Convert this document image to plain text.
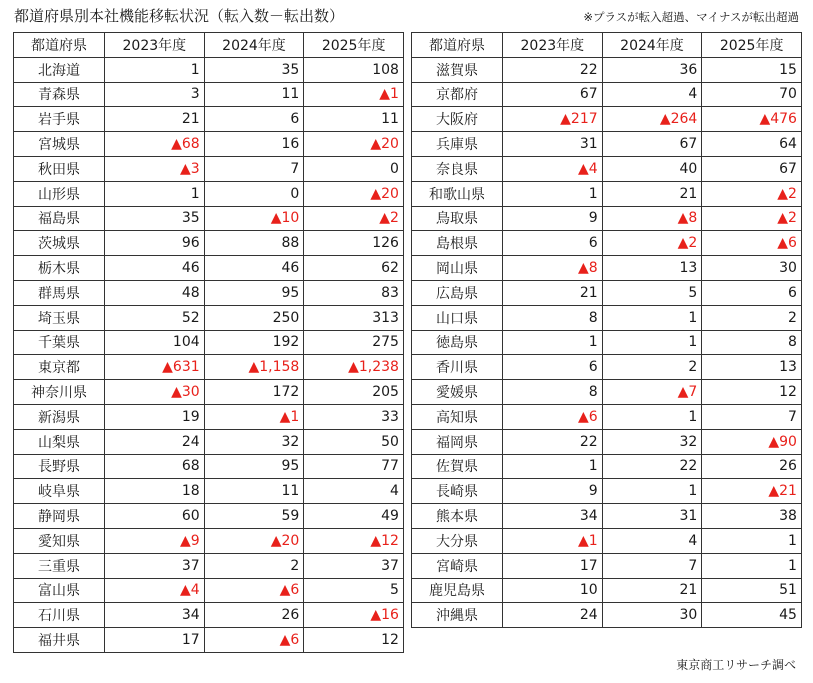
都道府県別本社機能移転状況（転入数－転出数）	※プラスが転入超過、マイナスが転出超過
都道府県	2023年度	2024年度	2025年度
北海道	1	35	108
青森県	3	11	▲1
岩手県	21	6	11
宮城県	▲68	16	▲20
秋田県	▲3	7	0
山形県	1	0	▲20
福島県	35	▲10	▲2
茨城県	96	88	126
栃木県	46	46	62
群馬県	48	95	83
埼玉県	52	250	313
千葉県	104	192	275
東京都	▲631	▲1,158	▲1,238
神奈川県	▲30	172	205
新潟県	19	▲1	33
山梨県	24	32	50
長野県	68	95	77
岐阜県	18	11	4
静岡県	60	59	49
愛知県	▲9	▲20	▲12
三重県	37	2	37
富山県	▲4	▲6	5
石川県	34	26	▲16
福井県	17	▲6	12
都道府県	2023年度	2024年度	2025年度
滋賀県	22	36	15
京都府	67	4	70
大阪府	▲217	▲264	▲476
兵庫県	31	67	64
奈良県	▲4	40	67
和歌山県	1	21	▲2
鳥取県	9	▲8	▲2
島根県	6	▲2	▲6
岡山県	▲8	13	30
広島県	21	5	6
山口県	8	1	2
徳島県	1	1	8
香川県	6	2	13
愛媛県	8	▲7	12
高知県	▲6	1	7
福岡県	22	32	▲90
佐賀県	1	22	26
長崎県	9	1	▲21
熊本県	34	31	38
大分県	▲1	4	1
宮崎県	17	7	1
鹿児島県	10	21	51
沖縄県	24	30	45
東京商工リサーチ調べ
